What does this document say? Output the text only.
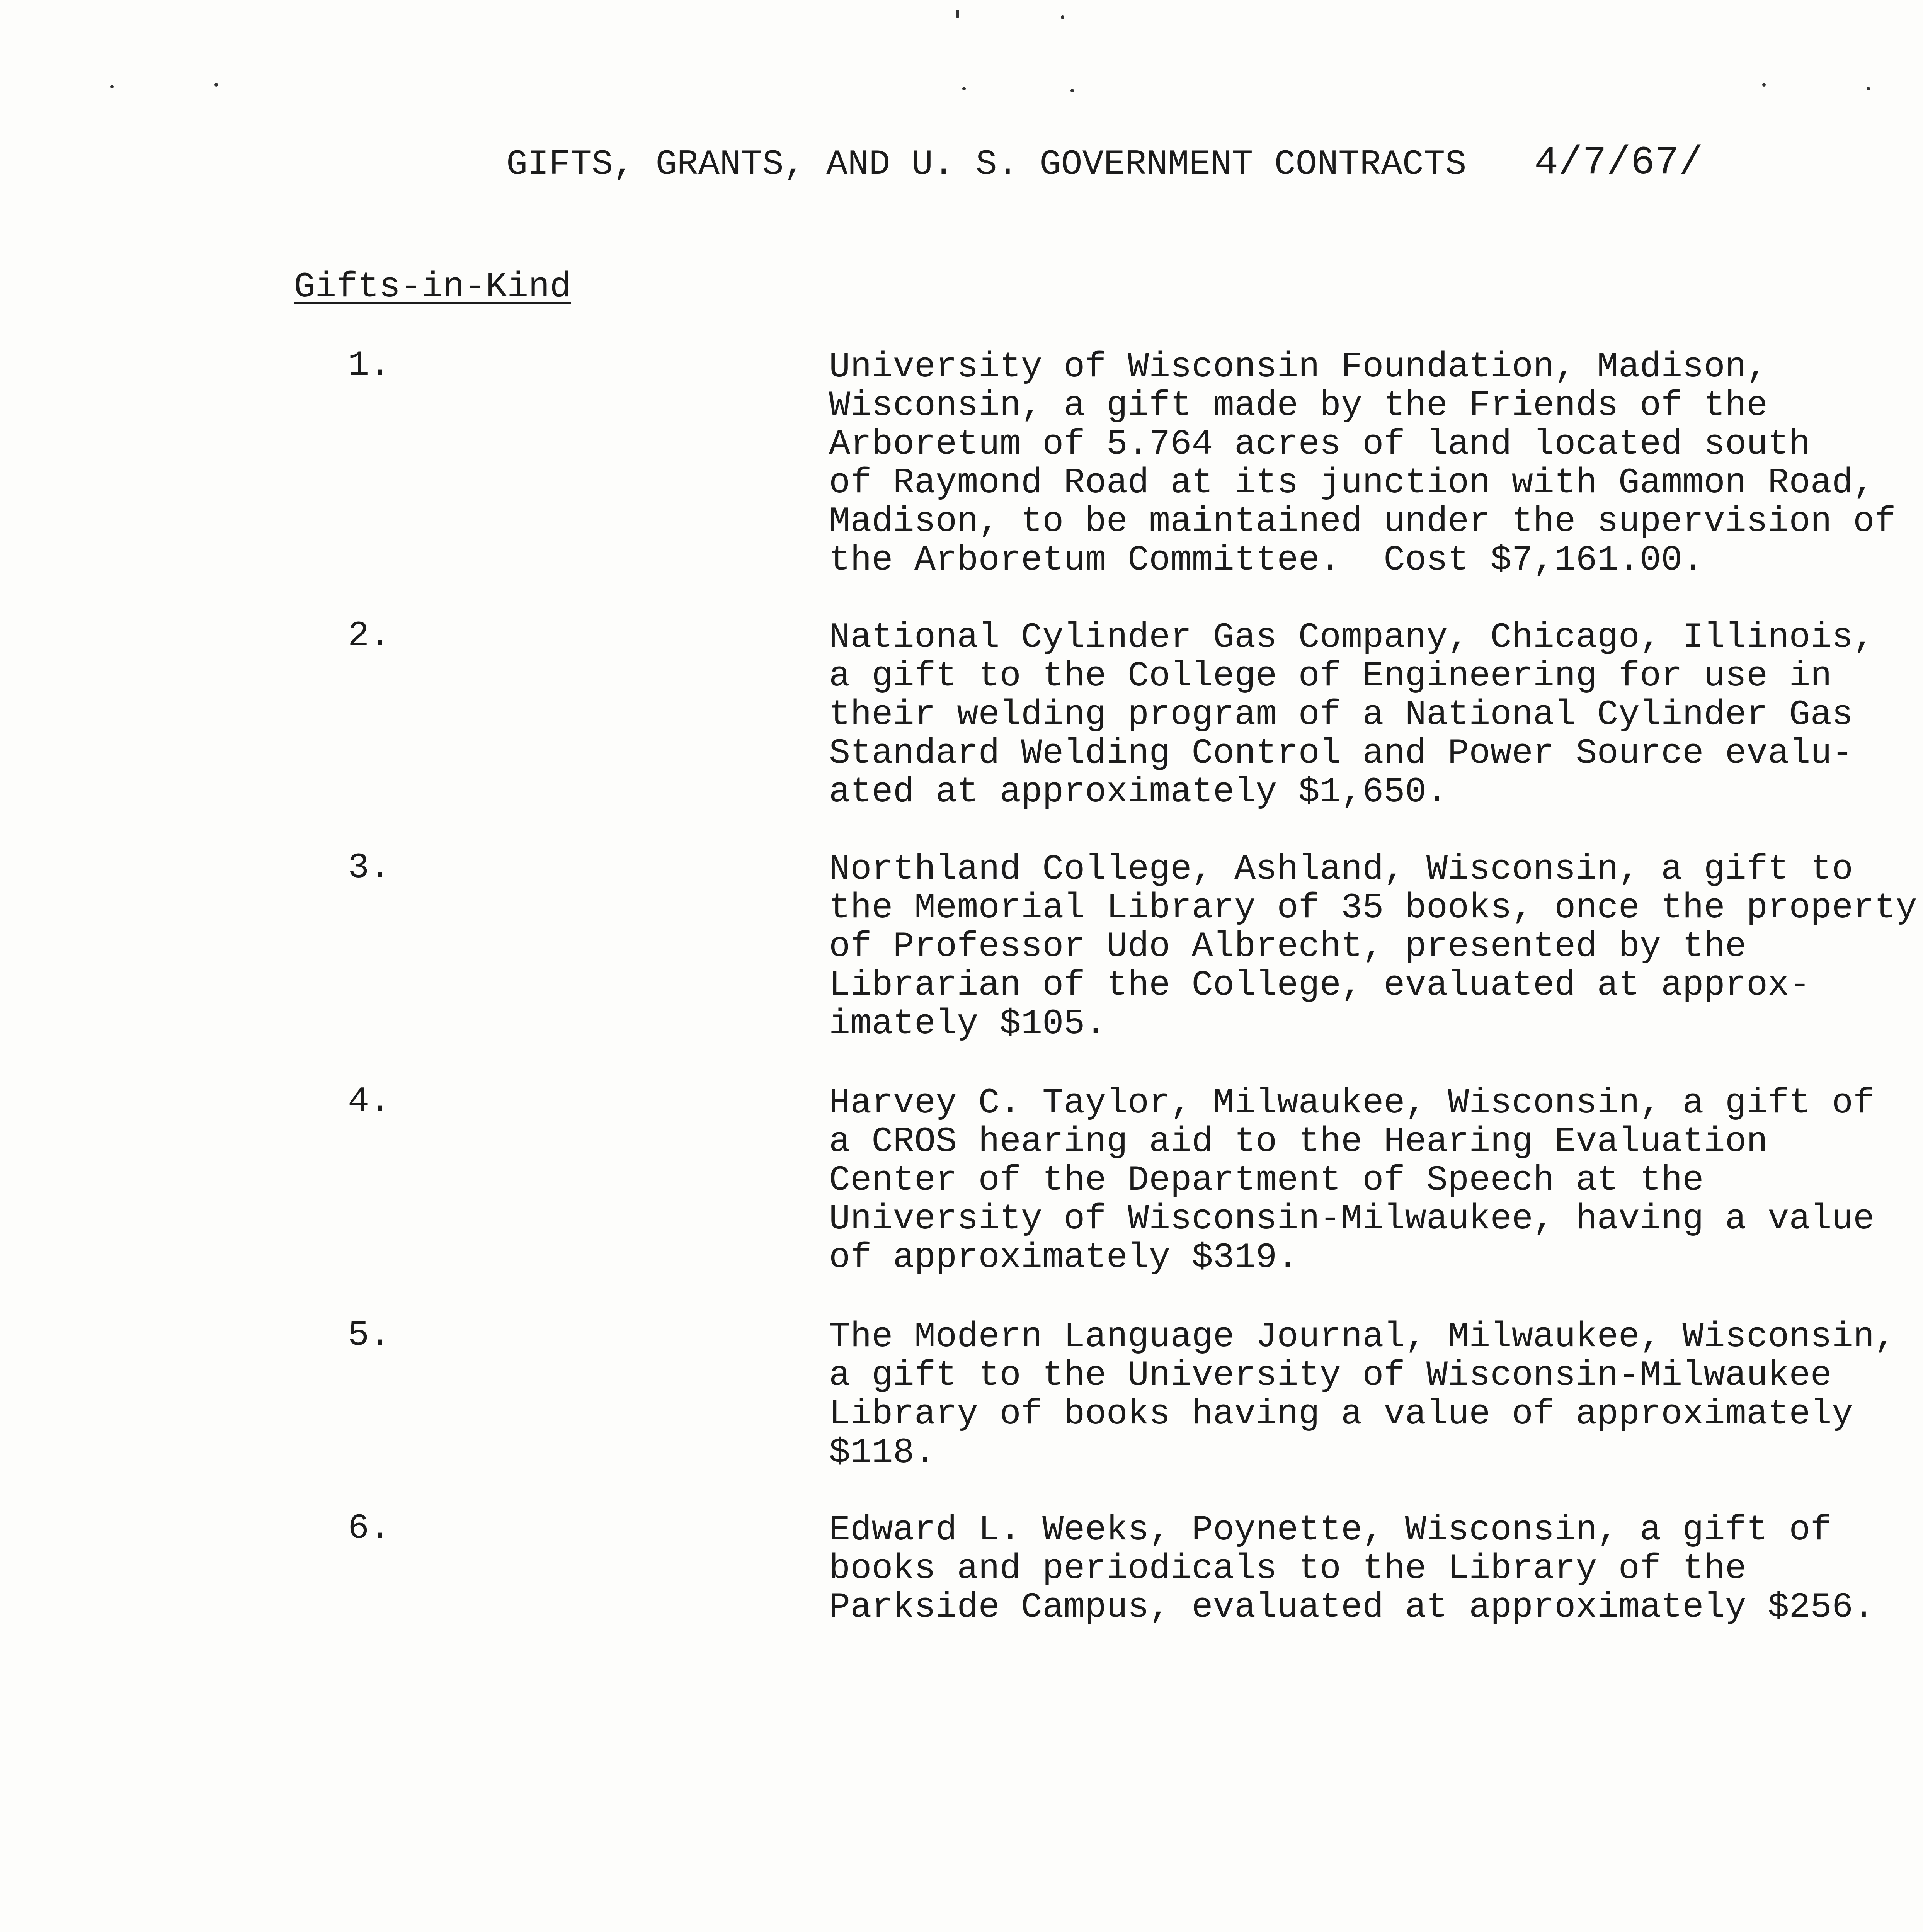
GIFTS, GRANTS, AND U. S. GOVERNMENT CONTRACTS 4/7/67/
Gifts-in-Kind
1.	University of Wisconsin Foundation, Madison,
Wisconsin, a gift made by the Friends of the
Arboretum of 5.764 acres of land located south
of Raymond Road at its junction with Gammon Road,
Madison, to be maintained under the supervision of
the Arboretum Committee.  Cost $7,161.00.
2.	National Cylinder Gas Company, Chicago, Illinois,
a gift to the College of Engineering for use in
their welding program of a National Cylinder Gas
Standard Welding Control and Power Source evalu-
ated at approximately $1,650.
3.	Northland College, Ashland, Wisconsin, a gift to
the Memorial Library of 35 books, once the property
of Professor Udo Albrecht, presented by the
Librarian of the College, evaluated at approx-
imately $105.
4.	Harvey C. Taylor, Milwaukee, Wisconsin, a gift of
a CROS hearing aid to the Hearing Evaluation
Center of the Department of Speech at the
University of Wisconsin-Milwaukee, having a value
of approximately $319.
5.	The Modern Language Journal, Milwaukee, Wisconsin,
a gift to the University of Wisconsin-Milwaukee
Library of books having a value of approximately
$118.
6.	Edward L. Weeks, Poynette, Wisconsin, a gift of
books and periodicals to the Library of the
Parkside Campus, evaluated at approximately $256.
